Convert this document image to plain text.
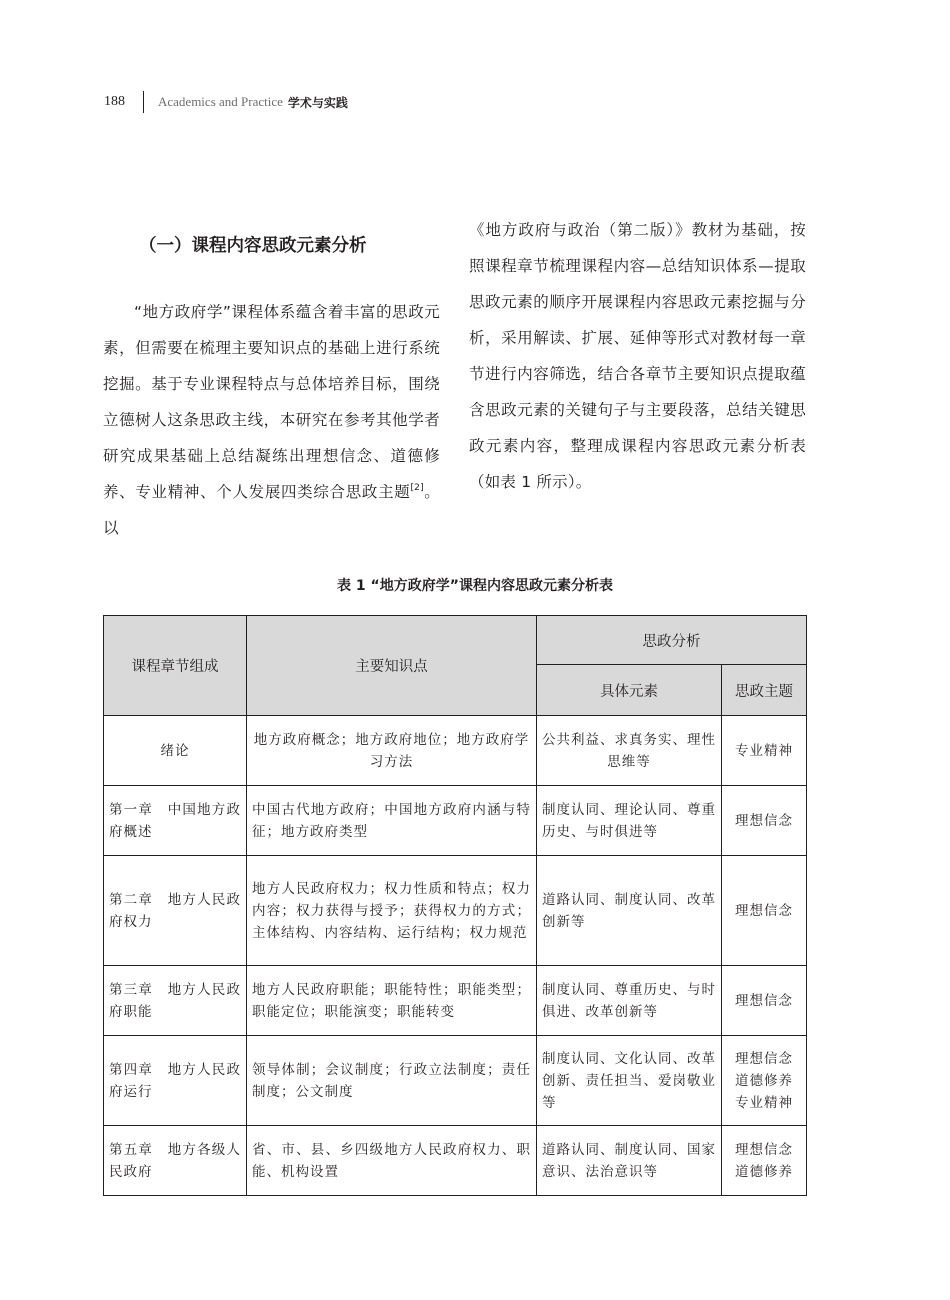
188	Academics and Practice 学术与实践
（一）课程内容思政元素分析
“地方政府学”课程体系蕴含着丰富的思政元素，但需要在梳理主要知识点的基础上进行系统挖掘。基于专业课程特点与总体培养目标，围绕立德树人这条思政主线，本研究在参考其他学者研究成果基础上总结凝练出理想信念、道德修养、专业精神、个人发展四类综合思政主题[2]。以
《地方政府与政治（第二版）》教材为基础，按照课程章节梳理课程内容—总结知识体系—提取思政元素的顺序开展课程内容思政元素挖掘与分析，采用解读、扩展、延伸等形式对教材每一章节进行内容筛选，结合各章节主要知识点提取蕴含思政元素的关键句子与主要段落，总结关键思政元素内容，整理成课程内容思政元素分析表（如表 1 所示）。
表 1 “地方政府学”课程内容思政元素分析表
课程章节组成	主要知识点	思政分析	
		具体元素	思政主题
绪论	地方政府概念；地方政府地位；地方政府学习方法	公共利益、求真务实、理性思维等	专业精神
第一章　中国地方政府概述	中国古代地方政府；中国地方政府内涵与特征；地方政府类型	制度认同、理论认同、尊重历史、与时俱进等	理想信念
第二章　地方人民政府权力	地方人民政府权力；权力性质和特点；权力内容；权力获得与授予；获得权力的方式；主体结构、内容结构、运行结构；权力规范	道路认同、制度认同、改革创新等	理想信念
第三章　地方人民政府职能	地方人民政府职能；职能特性；职能类型；职能定位；职能演变；职能转变	制度认同、尊重历史、与时俱进、改革创新等	理想信念
第四章　地方人民政府运行	领导体制；会议制度；行政立法制度；责任制度；公文制度	制度认同、文化认同、改革创新、责任担当、爱岗敬业等	理想信念
道德修养
专业精神
第五章　地方各级人民政府	省、市、县、乡四级地方人民政府权力、职能、机构设置	道路认同、制度认同、国家意识、法治意识等	理想信念
道德修养
